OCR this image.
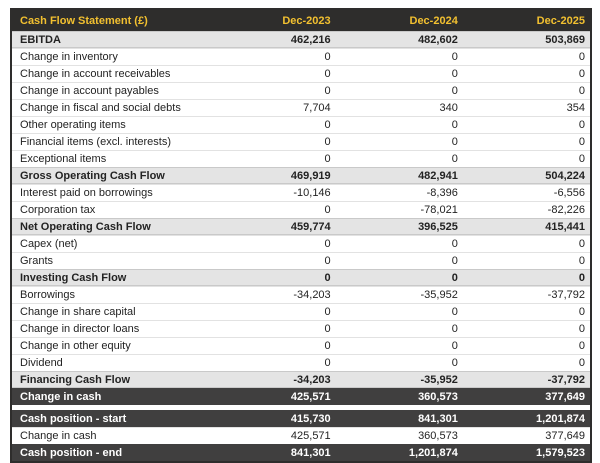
Cash Flow Statement (£)	Dec-2023	Dec-2024	Dec-2025
EBITDA	462,216	482,602	503,869
Change in inventory	0	0	0
Change in account receivables	0	0	0
Change in account payables	0	0	0
Change in fiscal and social debts	7,704	340	354
Other operating items	0	0	0
Financial items (excl. interests)	0	0	0
Exceptional items	0	0	0
Gross Operating Cash Flow	469,919	482,941	504,224
Interest paid on borrowings	-10,146	-8,396	-6,556
Corporation tax	0	-78,021	-82,226
Net Operating Cash Flow	459,774	396,525	415,441
Capex (net)	0	0	0
Grants	0	0	0
Investing Cash Flow	0	0	0
Borrowings	-34,203	-35,952	-37,792
Change in share capital	0	0	0
Change in director loans	0	0	0
Change in other equity	0	0	0
Dividend	0	0	0
Financing Cash Flow	-34,203	-35,952	-37,792
Change in cash	425,571	360,573	377,649
Cash position - start	415,730	841,301	1,201,874
Change in cash	425,571	360,573	377,649
Cash position - end	841,301	1,201,874	1,579,523
